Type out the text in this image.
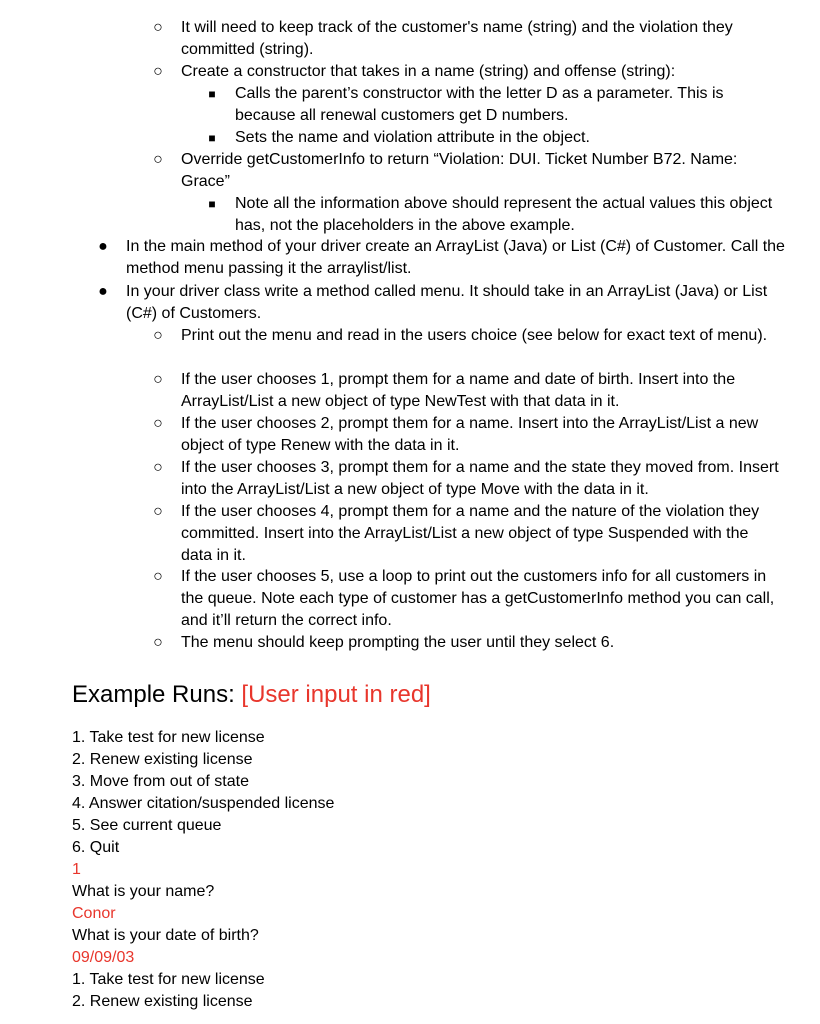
○	It will need to keep track of the customer's name (string) and the violation they committed (string).

○	Create a constructor that takes in a name (string) and offense (string):

■	Calls the parent’s constructor with the letter D as a parameter. This is because all renewal customers get D numbers.

■	Sets the name and violation attribute in the object.

○	Override getCustomerInfo to return “Violation: DUI. Ticket Number B72. Name: Grace”

■	Note all the information above should represent the actual values this object has, not the placeholders in the above example.

●	In the main method of your driver create an ArrayList (Java) or List (C#) of Customer. Call the method menu passing it the arraylist/list.

●	In your driver class write a method called menu. It should take in an ArrayList (Java) or List (C#) of Customers.

○	Print out the menu and read in the users choice (see below for exact text of menu).

○	If the user chooses 1, prompt them for a name and date of birth. Insert into the ArrayList/List a new object of type NewTest with that data in it.

○	If the user chooses 2, prompt them for a name. Insert into the ArrayList/List a new object of type Renew with the data in it.

○	If the user chooses 3, prompt them for a name and the state they moved from. Insert into the ArrayList/List a new object of type Move with the data in it.

○	If the user chooses 4, prompt them for a name and the nature of the violation they committed. Insert into the ArrayList/List a new object of type Suspended with the data in it.

○	If the user chooses 5, use a loop to print out the customers info for all customers in the queue. Note each type of customer has a getCustomerInfo method you can call, and it’ll return the correct info.

○	The menu should keep prompting the user until they select 6.

Example Runs: [User input in red]

1. Take test for new license

2. Renew existing license

3. Move from out of state

4. Answer citation/suspended license

5. See current queue

6. Quit

1

What is your name?

Conor

What is your date of birth?

09/09/03

1. Take test for new license

2. Renew existing license
